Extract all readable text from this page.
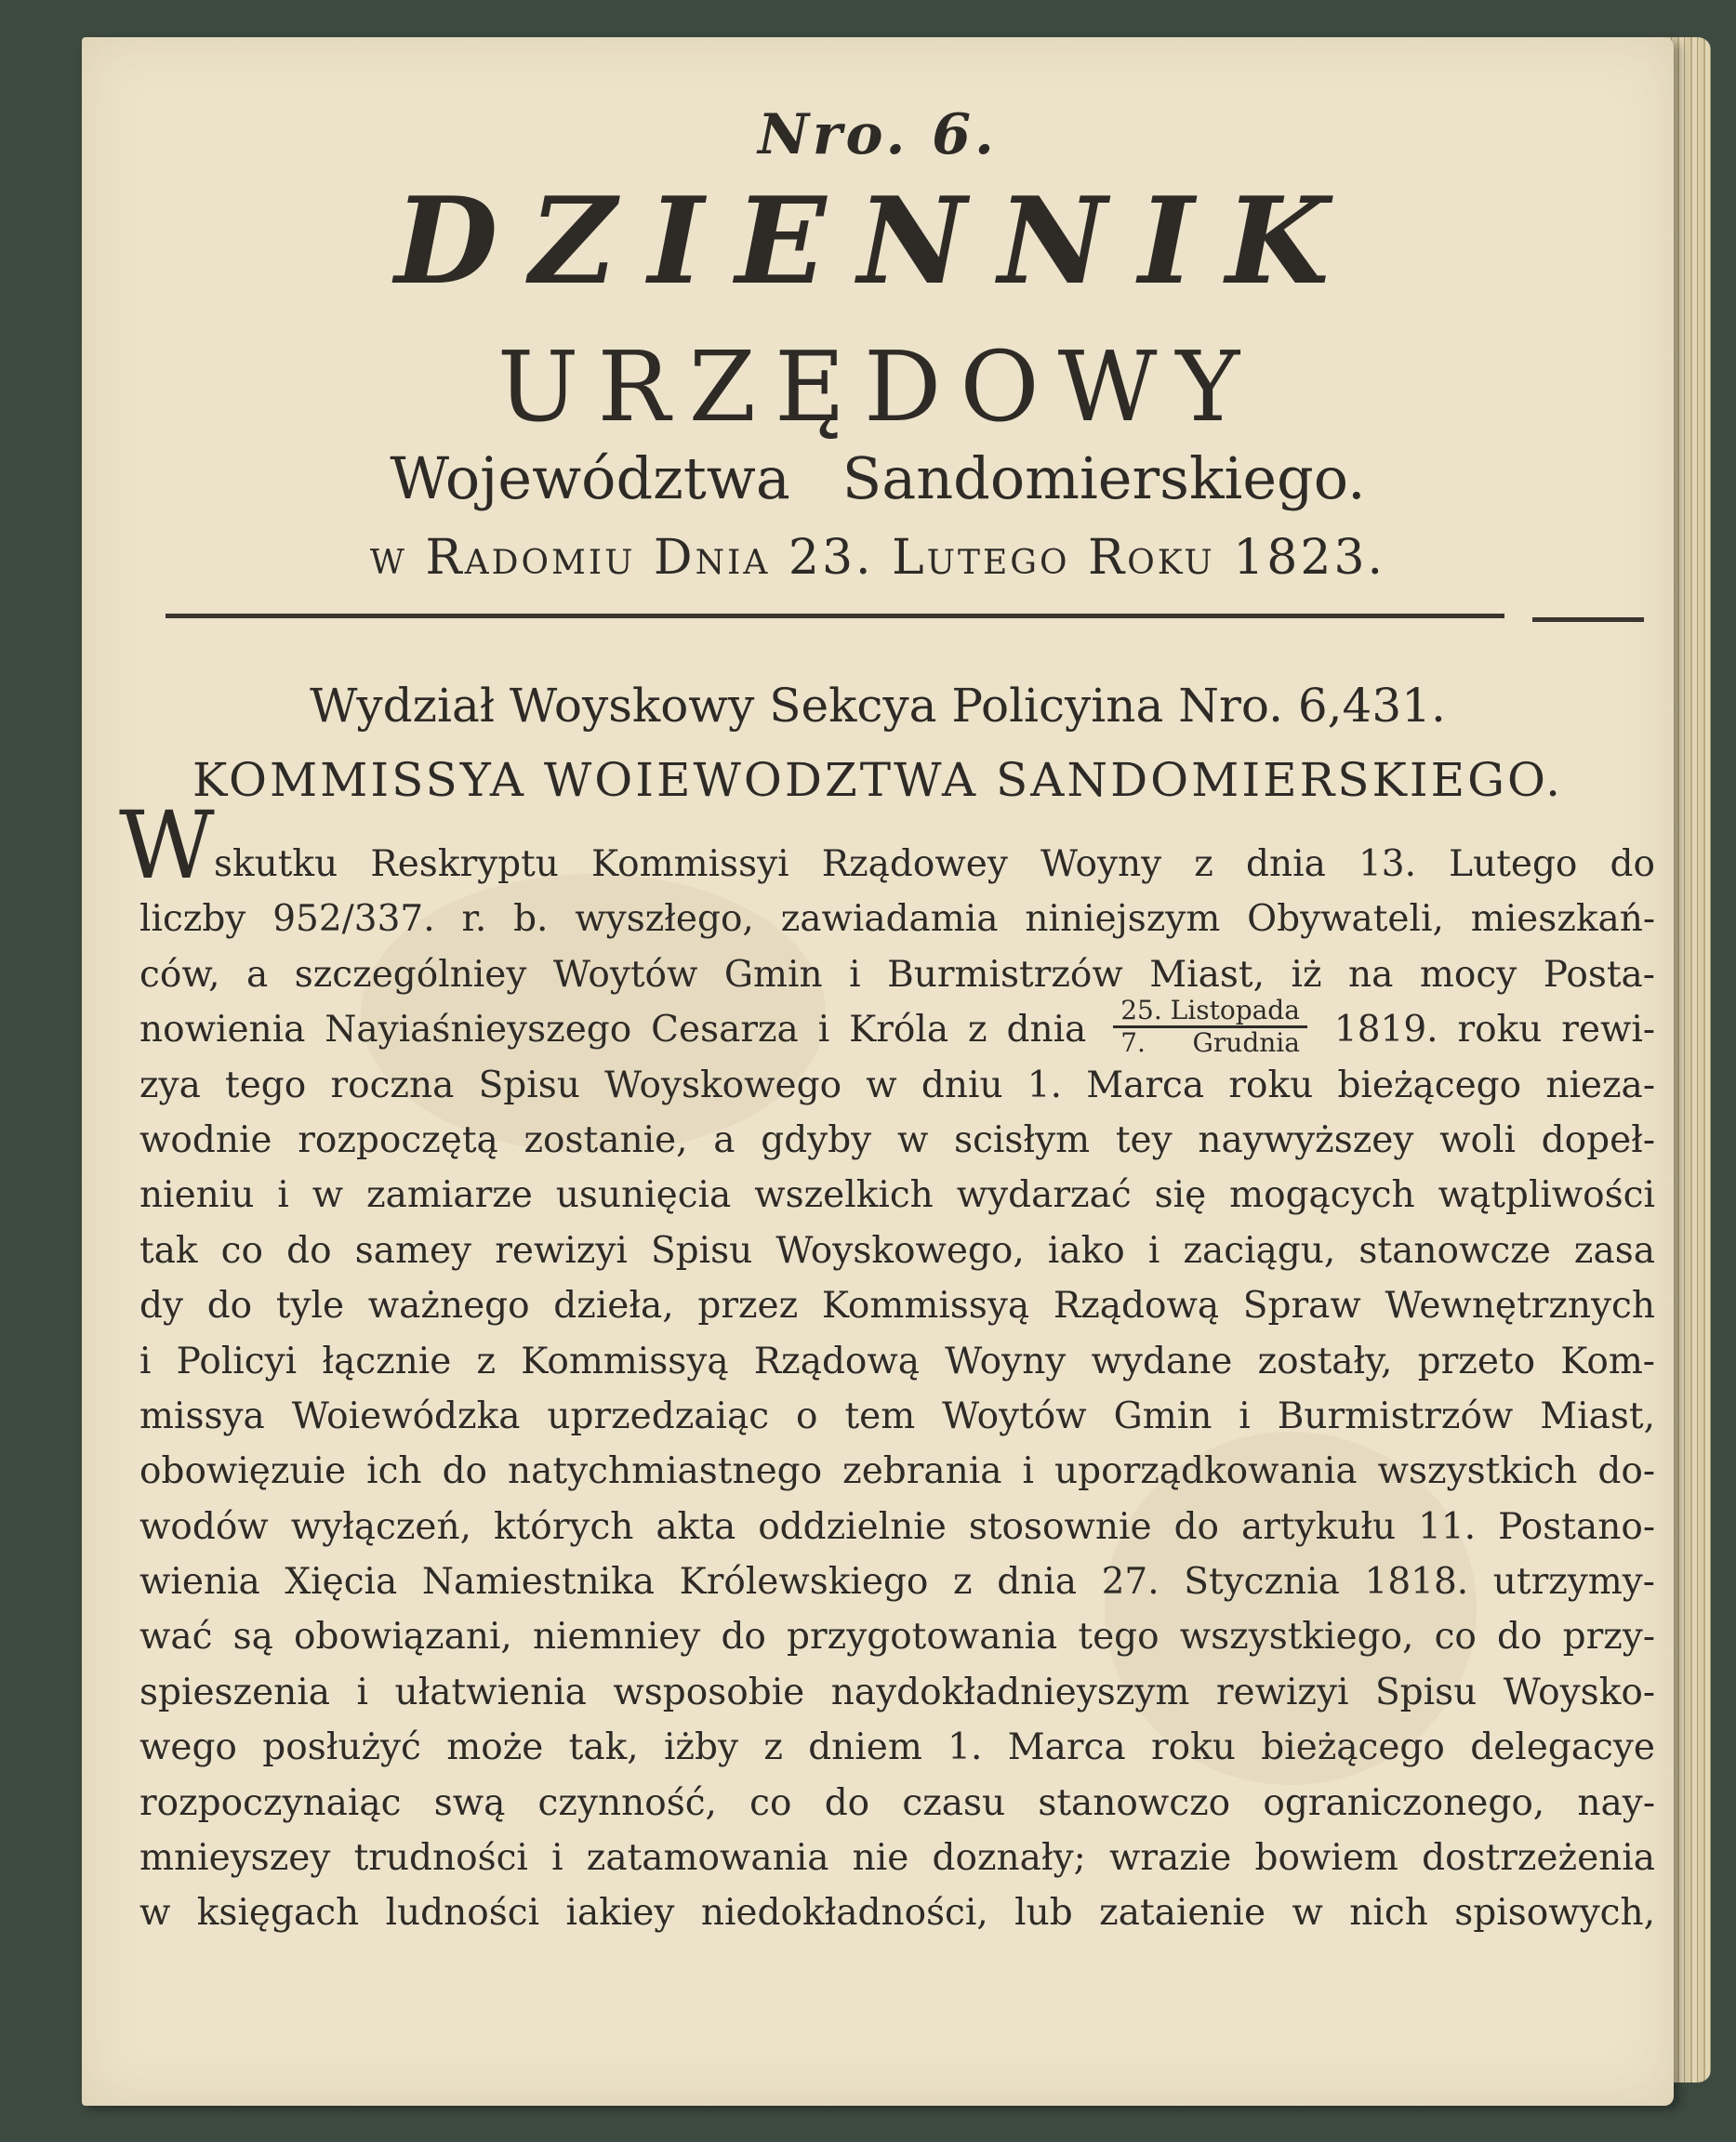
Nro. 6.
DZIENNIK
URZĘDOWY
Województwa Sandomierskiego.
w Radomiu Dnia 23. Lutego Roku 1823.
Wydział Woyskowy Sekcya Policyina Nro. 6,431.
KOMMISSYA WOIEWODZTWA SANDOMIERSKIEGO.
W skutku Reskryptu Kommissyi Rządowey Woyny z dnia 13. Lutego do
liczby 952/337. r. b. wyszłego, zawiadamia niniejszym Obywateli, mieszkań-
ców, a szczególniey Woytów Gmin i Burmistrzów Miast, iż na mocy Posta-
nowienia Nayiaśnieyszego Cesarza i Króla z dnia $\frac{\text{25. Listopada}}{\text{7. Grudnia}} 1819$. roku rewi-
zya tego roczna Spisu Woyskowego w dniu 1. Marca roku bieżącego nieza-
wodnie rozpoczętą zostanie, a gdyby w scisłym tey naywyższey woli dopeł-
nieniu i w zamiarze usunięcia wszelkich wydarzać się mogących wątpliwości
tak co do samey rewizyi Spisu Woyskowego, iako i zaciągu, stanowcze zasa
dy do tyle ważnego dzieła, przez Kommissyą Rządową Spraw Wewnętrznych
i Policyi łącznie z Kommissyą Rządową Woyny wydane zostały, przeto Kom-
missya Woiewódzka uprzedzaiąc o tem Woytów Gmin i Burmistrzów Miast,
obowięzuie ich do natychmiastnego zebrania i uporządkowania wszystkich do-
wodów wyłączeń, których akta oddzielnie stosownie do artykułu 11. Postano-
wienia Xięcia Namiestnika Królewskiego z dnia 27. Stycznia 1818. utrzymy-
wać są obowiązani, niemniey do przygotowania tego wszystkiego, co do przy-
spieszenia i ułatwienia wsposobie naydokładnieyszym rewizyi Spisu Woysko-
wego posłużyć może tak, iżby z dniem 1. Marca roku bieżącego delegacye
rozpoczynaiąc swą czynność, co do czasu stanowczo ograniczonego, nay-
mnieyszey trudności i zatamowania nie doznały; wrazie bowiem dostrzeżenia
w księgach ludności iakiey niedokładności, lub zataienie w nich spisowych,
